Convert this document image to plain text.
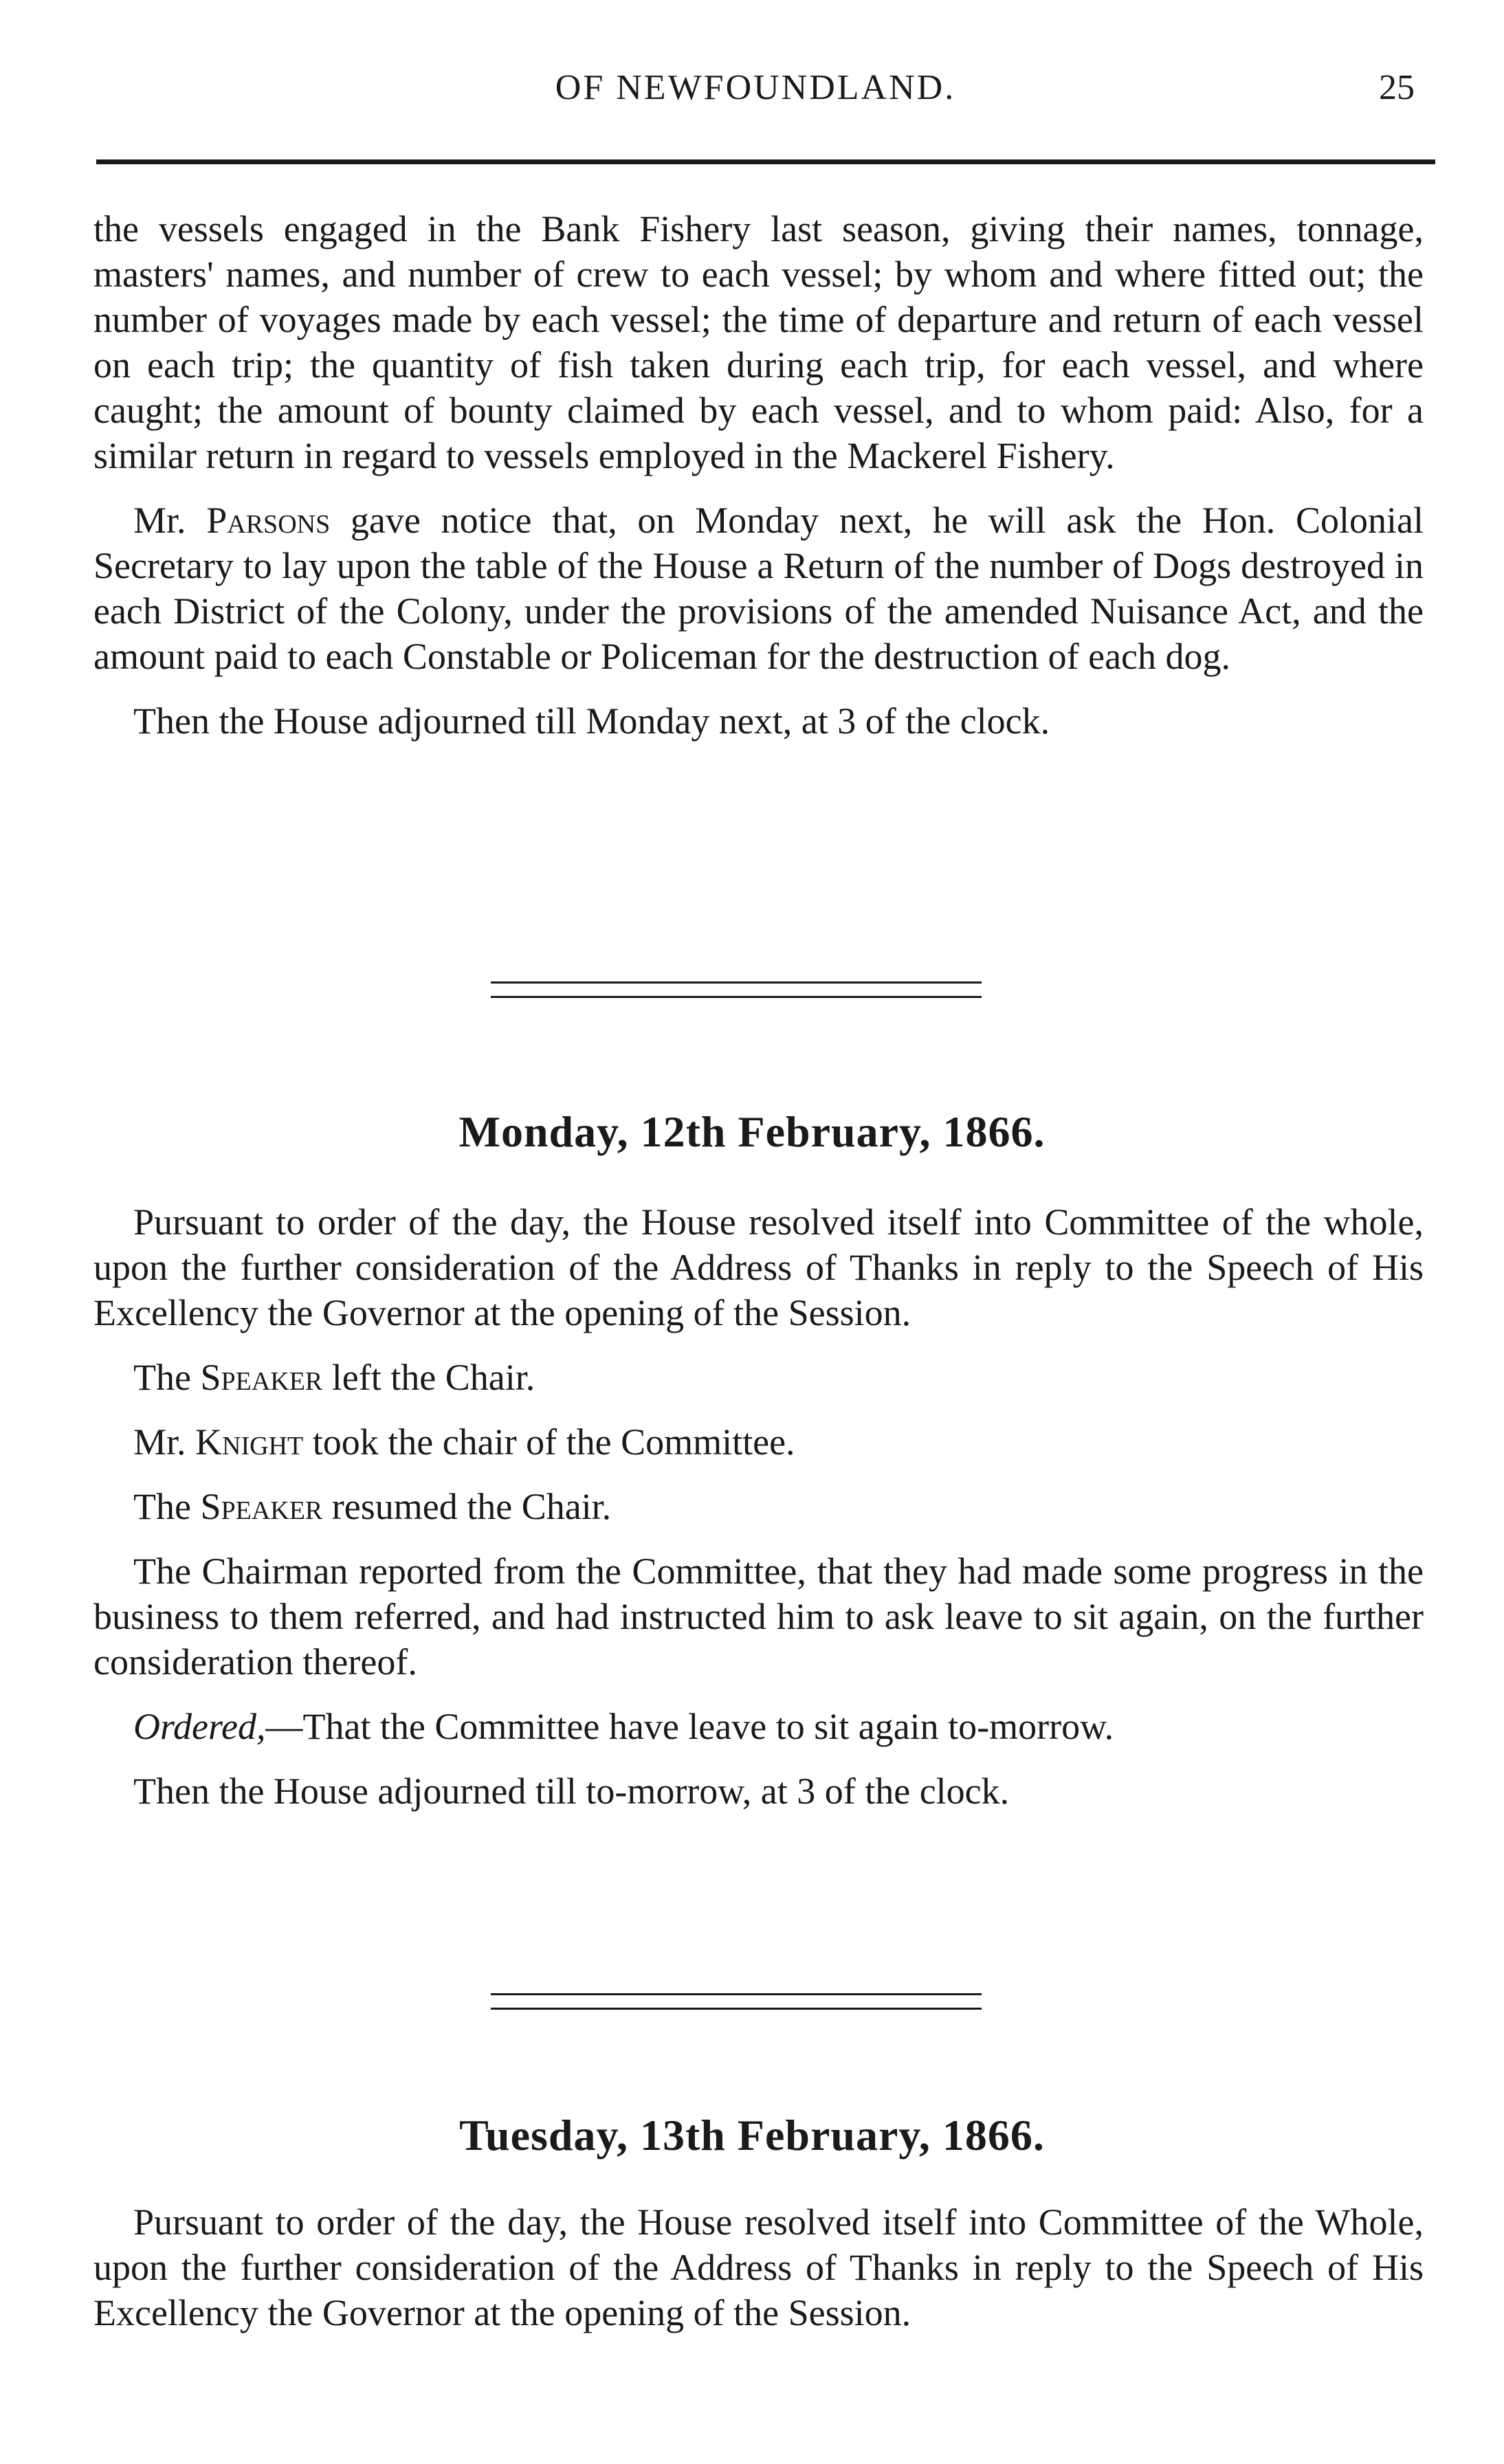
OF NEWFOUNDLAND.	25

the vessels engaged in the Bank Fishery last season, giving their names, tonnage, masters' names, and number of crew to each vessel; by whom and where fitted out; the number of voyages made by each vessel; the time of departure and return of each vessel on each trip; the quantity of fish taken during each trip, for each vessel, and where caught; the amount of bounty claimed by each vessel, and to whom paid: Also, for a similar return in regard to vessels employed in the Mackerel Fishery.

Mr. Parsons gave notice that, on Monday next, he will ask the Hon. Colonial Secretary to lay upon the table of the House a Return of the number of Dogs destroyed in each District of the Colony, under the provisions of the amended Nuisance Act, and the amount paid to each Constable or Policeman for the destruction of each dog.

Then the House adjourned till Monday next, at 3 of the clock.

Monday, 12th February, 1866.

Pursuant to order of the day, the House resolved itself into Committee of the whole, upon the further consideration of the Address of Thanks in reply to the Speech of His Excellency the Governor at the opening of the Session.

The Speaker left the Chair.

Mr. Knight took the chair of the Committee.

The Speaker resumed the Chair.

The Chairman reported from the Committee, that they had made some progress in the business to them referred, and had instructed him to ask leave to sit again, on the further consideration thereof.

Ordered,—That the Committee have leave to sit again to-morrow.

Then the House adjourned till to-morrow, at 3 of the clock.

Tuesday, 13th February, 1866.

Pursuant to order of the day, the House resolved itself into Committee of the Whole, upon the further consideration of the Address of Thanks in reply to the Speech of His Excellency the Governor at the opening of the Session.
